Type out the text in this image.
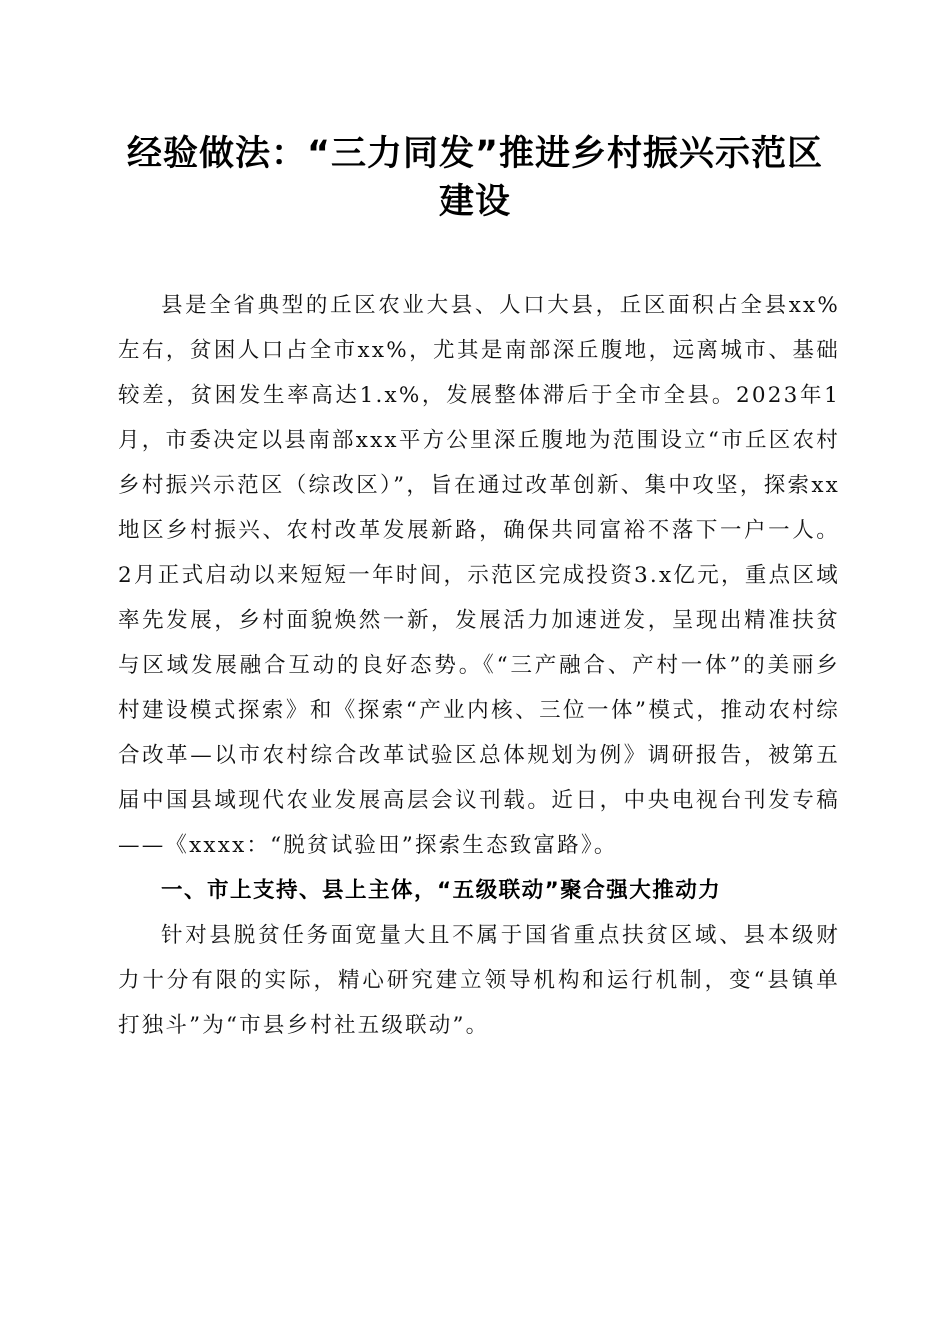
经验做法：“三力同发”推进乡村振兴示范区
建设

县是全省典型的丘区农业大县、人口大县，丘区面积占全县xx%左右，贫困人口占全市xx%，尤其是南部深丘腹地，远离城市、基础较差，贫困发生率高达1.x%，发展整体滞后于全市全县。2023年1月，市委决定以县南部xxx平方公里深丘腹地为范围设立“市丘区农村乡村振兴示范区（综改区）”，旨在通过改革创新、集中攻坚，探索xx地区乡村振兴、农村改革发展新路，确保共同富裕不落下一户一人。2月正式启动以来短短一年时间，示范区完成投资3.x亿元，重点区域率先发展，乡村面貌焕然一新，发展活力加速迸发，呈现出精准扶贫与区域发展融合互动的良好态势。《“三产融合、产村一体”的美丽乡村建设模式探索》和《探索“产业内核、三位一体”模式，推动农村综合改革—以市农村综合改革试验区总体规划为例》调研报告，被第五届中国县域现代农业发展高层会议刊载。近日，中央电视台刊发专稿——《xxxx：“脱贫试验田”探索生态致富路》。

一、市上支持、县上主体，“五级联动”聚合强大推动力

针对县脱贫任务面宽量大且不属于国省重点扶贫区域、县本级财力十分有限的实际，精心研究建立领导机构和运行机制，变“县镇单打独斗”为“市县乡村社五级联动”。
